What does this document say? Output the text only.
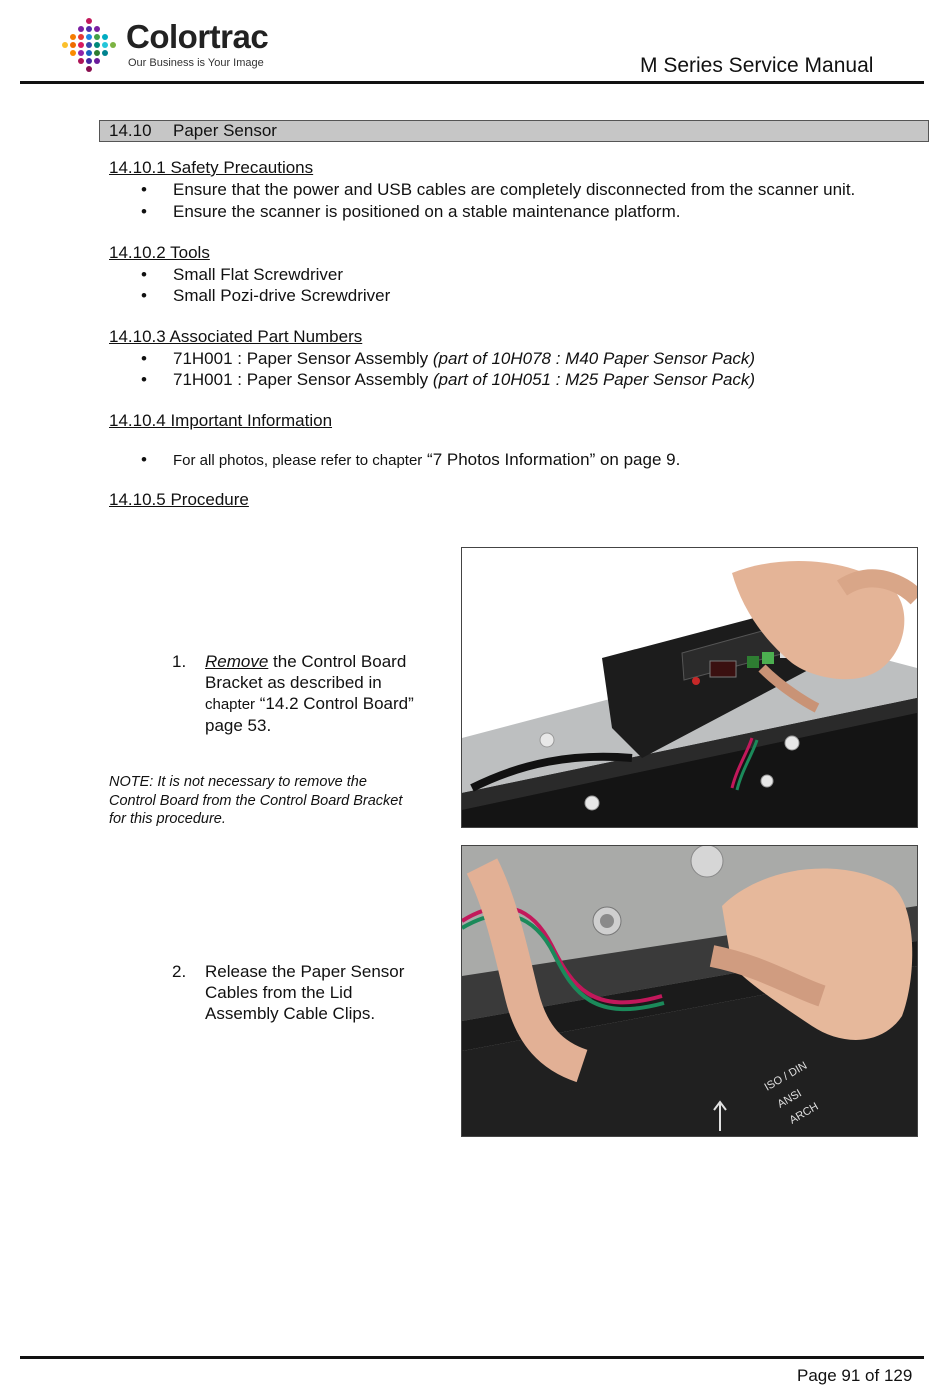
Colortrac
Our Business is Your Image	M Series Service Manual
14.10 Paper Sensor
14.10.1 Safety Precautions
• Ensure that the power and USB cables are completely disconnected from the scanner unit.
• Ensure the scanner is positioned on a stable maintenance platform.
14.10.2 Tools
• Small Flat Screwdriver
• Small Pozi-drive Screwdriver
14.10.3 Associated Part Numbers
• 71H001 : Paper Sensor Assembly (part of 10H078 : M40 Paper Sensor Pack)
• 71H001 : Paper Sensor Assembly (part of 10H051 : M25 Paper Sensor Pack)
14.10.4 Important Information
• For all photos, please refer to chapter “7 Photos Information” on page 9.
14.10.5 Procedure
1. Remove the Control Board
Bracket as described in
chapter “14.2 Control Board”
page 53.
NOTE: It is not necessary to remove the
Control Board from the Control Board Bracket
for this procedure.
2. Release the Paper Sensor
Cables from the Lid
Assembly Cable Clips.
ISO / DIN
ANSI
ARCH
Page 91 of 129
